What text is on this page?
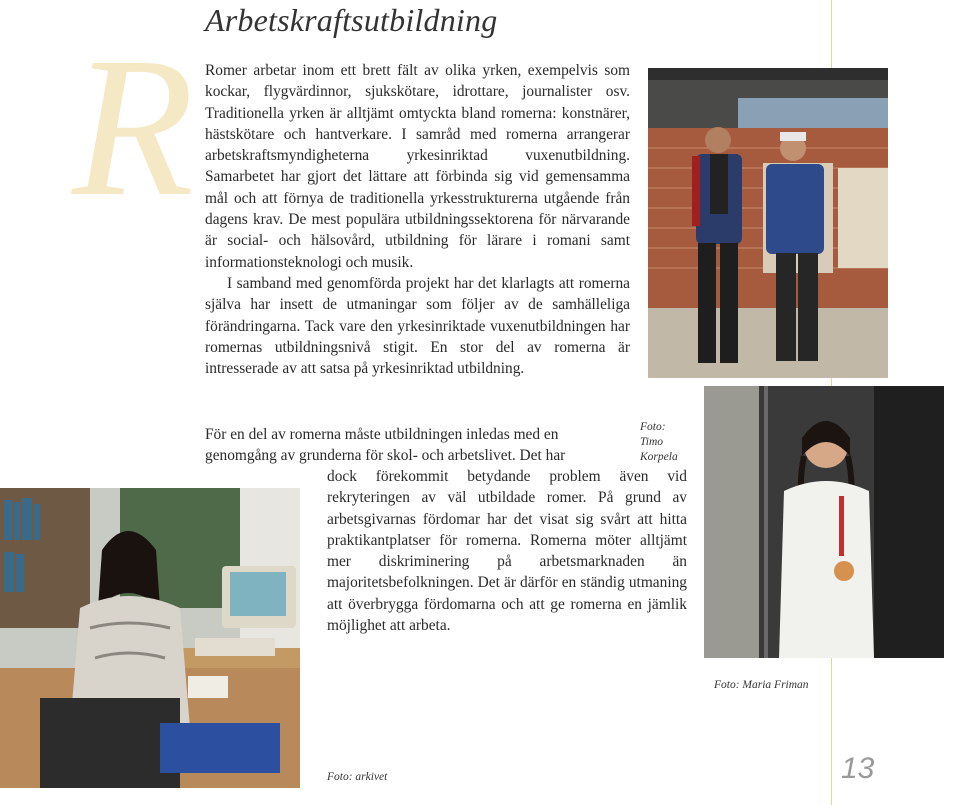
R Arbetskraftsutbildning

Romer arbetar inom ett brett fält av olika yrken, exempelvis som kockar, flygvärdinnor, sjukskötare, idrottare, journalister osv. Traditionella yrken är alltjämt omtyckta bland romerna: konstnärer, hästskötare och hantverkare. I samråd med romerna arrangerar arbetskraftsmyndigheterna yrkesinriktad vuxenutbildning. Samarbetet har gjort det lättare att förbinda sig vid gemensamma mål och att förnya de traditionella yrkesstrukturerna utgående från dagens krav. De mest populära utbildningssektorena för närvarande är social- och hälsovård, utbildning för lärare i romani samt informationsteknologi och musik.

I samband med genomförda projekt har det klarlagts att romerna själva har insett de utmaningar som följer av de samhälleliga förändringarna. Tack vare den yrkesinriktade vuxenutbildningen har romernas utbildningsnivå stigit. En stor del av romerna är intresserade av att satsa på yrkesinriktad utbildning.

För en del av romerna måste utbildningen inledas med en genomgång av grunderna för skol- och arbetslivet. Det har

dock förekommit betydande problem även vid rekryteringen av väl utbildade romer. På grund av arbetsgivarnas fördomar har det visat sig svårt att hitta praktikantplatser för romerna. Romerna möter alltjämt mer diskriminering på arbetsmarknaden än majoritetsbefolkningen. Det är därför en ständig utmaning att överbrygga fördomarna och att ge romerna en jämlik möjlighet att arbeta.

Foto: Timo Korpela
Foto: Maria Friman
Foto: arkivet	13
